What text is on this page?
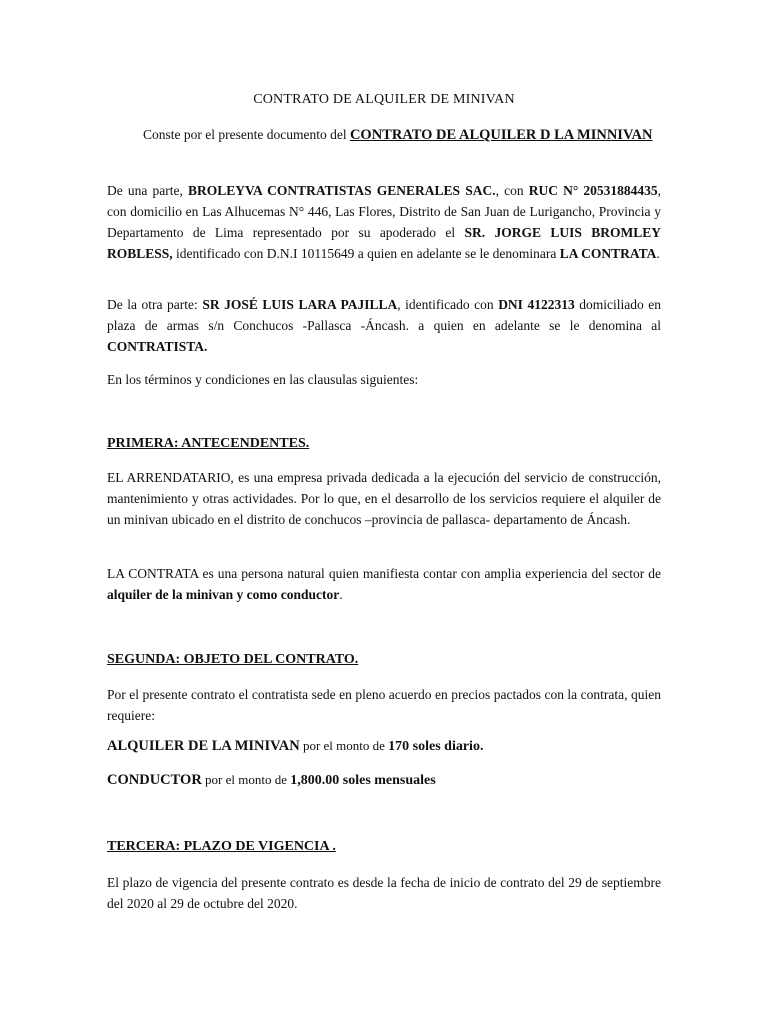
CONTRATO DE ALQUILER DE MINIVAN
Conste por el presente documento del CONTRATO DE ALQUILER D LA MINNIVAN
De una parte, BROLEYVA CONTRATISTAS GENERALES SAC., con RUC N° 20531884435, con domicilio en Las Alhucemas N° 446, Las Flores, Distrito de San Juan de Lurigancho, Provincia y Departamento de Lima representado por su apoderado el SR. JORGE LUIS BROMLEY ROBLESS, identificado con D.N.I 10115649 a quien en adelante se le denominara LA CONTRATA.
De la otra parte: SR JOSÉ LUIS LARA PAJILLA, identificado con DNI 4122313 domiciliado en plaza de armas s/n Conchucos -Pallasca -Áncash. a quien en adelante se le denomina al CONTRATISTA.
En los términos y condiciones en las clausulas siguientes:
PRIMERA: ANTECENDENTES.
EL ARRENDATARIO, es una empresa privada dedicada a la ejecución del servicio de construcción, mantenimiento y otras actividades. Por lo que, en el desarrollo de los servicios requiere el alquiler de un minivan ubicado en el distrito de conchucos –provincia de pallasca- departamento de Áncash.
LA CONTRATA es una persona natural quien manifiesta contar con amplia experiencia del sector de alquiler de la minivan y como conductor.
SEGUNDA: OBJETO DEL CONTRATO.
Por el presente contrato el contratista sede en pleno acuerdo en precios pactados con la contrata, quien requiere:
ALQUILER DE LA MINIVAN por el monto de 170 soles diario.
CONDUCTOR por el monto de 1,800.00 soles mensuales
TERCERA: PLAZO DE VIGENCIA .
El plazo de vigencia del presente contrato es desde la fecha de inicio de contrato del 29 de septiembre del 2020 al 29 de octubre del 2020.
